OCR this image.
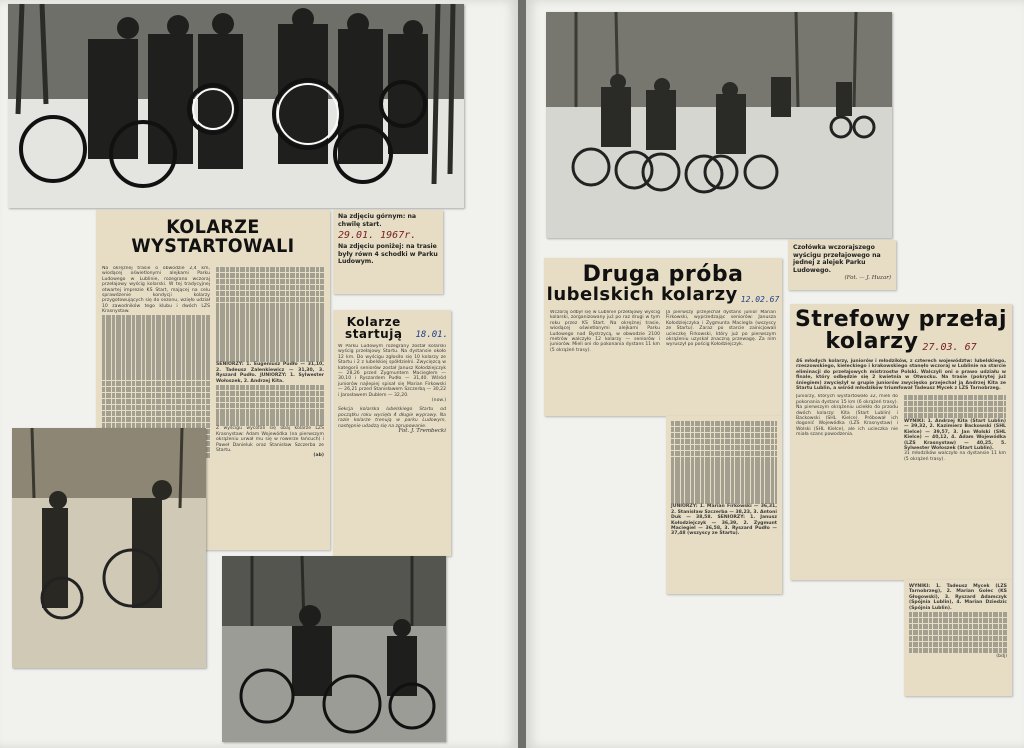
KOLARZE WYSTARTOWALI
Na okrężnej trasie o obwodzie 2,4 km, wiodącej oświetlonymi alejkami Parku Ludowego w Lublinie, rozegrano wczoraj przełajowy wyścig kolarski. W tej tradycyjnej otwartej imprezie KS Start, mającej na celu sprawdzenie kondycji kolarzy przygotowujących się do sezonu, wzięło udział 10 zawodników tego klubu i dwóch LZS Krasnystaw.
SENIORZY: 1. Eugeniusz Pudło — 31,10, 2. Tadeusz Zalenkiewicz — 31,30, 3. Ryszard Pudło. JUNIORZY: 1. Sylwester Wołoszek, 2. Andrzej Kita.
Z wyścigu wycofali się obaj kolarze LZS Krasnystaw: Adam Wojewódka (na pierwszym okrążeniu urwał mu się w rowerze łańcuch) i Paweł Danieluk oraz Stanisław Szczerba ze Startu.
(ab)
Na zdjęciu górnym: na chwilę start.
29.01. 1967r.
Na zdjęciu poniżej: na trasie były równ 4 schodki w Parku Ludowym.
Kolarze startują	18.01.
W Parku Ludowym rozegrany został kolarski wyścig przełajowy Startu. Na dystansie około 12 km. Do wyścigu zgłosiło się 10 kolarzy ze Startu i 2 z lubelskiej spółdzielni. Zwycięzcą w kategorii seniorów został Janusz Kołodziejczyk — 28,26 przed Zygmuntem Macieglem — 30,10 i Ryszardem Pudło — 31,40. Wśród juniorów najlepiej spisał się Marian Firkowski — 26,21 przed Stanisławem Szczerbą — 30,22 i Jarosławem Dublem — 32,20.
(now.)
Sekcja kolarska lubelskiego Startu od początku roku wycięła 4 długie wyprawy. Na razie kolarze trenują w parku Ludowym, następnie udadzą się na zgrupowanie.
Fot. J. Trembecki
Czołówka wczorajszego wyścigu przełajowego na jednej z alejek Parku Ludowego.
(Fot. — J. Huzar)
Druga próba
lubelskich kolarzy 12.02.67
Wczoraj odbył się w Lublinie przełajowy wyścig kolarski, zorganizowany już po raz drugi w tym roku przez KS Start. Na okrężnej trasie, wiodącej oświetlonymi alejkami Parku Ludowego nad Bystrzycą, w obwodzie 2100 metrów walczyło 12 kolarzy — seniorów i juniorów. Mieli oni do pokonania dystans 11 km (5 okrążeń trasy).
Ja pierwszy przejechał dystans junior Marian Firkowski, wyprzedzając seniorów: Janusza Kołodziejczyka i Zygmunta Maciegla (wszyscy ze Startu). Zaraz po starcie zainicjowali ucieczkę Firkowski, który już po pierwszym okrążeniu uzyskał znaczną przewagę. Za nim wyruszył po pościg Kołodziejczyk.
JUNIORZY: 1. Marian Firkowski — 36,31, 2. Stanisław Szczerba — 38,23, 3. Antoni Duk — 38,58. SENIORZY: 1. Janusz Kołodziejczyk — 36,39, 2. Zygmunt Maciegiel — 36,58, 3. Ryszard Pudło — 37,48 (wszyscy ze Startu).
Strefowy przełaj
kolarzy 27.03. 67
46 młodych kolarzy, juniorów i młodzików, z czterech województw: lubelskiego, rzeszowskiego, kieleckiego i krakowskiego stanęło wczoraj w Lublinie na starcie eliminacji do przełajowych mistrzostw Polski. Walczyli oni o prawo udziału w finale, który odbędzie się 2 kwietnia w Otwocku. Na trasie (pokrytej już śniegiem) zwyciężył w grupie juniorów zwycięsko przejechał ją Andrzej Kita ze Startu Lublin, a wśród młodzików triumfował Tadeusz Mycek z LZS Tarnobrzeg.
Juniorzy, których wystartowało 32, mieli do pokonania dystans 15 km (6 okrążeń trasy). Na pierwszym okrążeniu uciekło do przodu dwóch kolarzy: Kita (Start Lublin) i Backowski (SHL Kielce). Próbował ich dogonić Wojewódka (LZS Krasnystaw) i Wolski (SHL Kielce), ale ich ucieczka nie miała szans powodzenia.
WYNIKI: 1. Andrzej Kita (Start Lublin) — 39,32, 2. Kazimierz Backowski (SHL Kielce) — 39,57, 3. Jan Wolski (SHL Kielce) — 40,12, 4. Adam Wojewódka (LZS Krasnystaw) — 40,25, 5. Sylwester Wołoszek (Start Lublin).
31 młodzików walczyło na dystansie 11 km (5 okrążeń trasy).
WYNIKI: 1. Tadeusz Mycek (LZS Tarnobrzeg), 2. Marian Golec (KS Głogowski), 3. Ryszard Adamczyk (Spójnia Lublin), 4. Marian Dziedzic (Spójnia Lublin).
(bdj)
